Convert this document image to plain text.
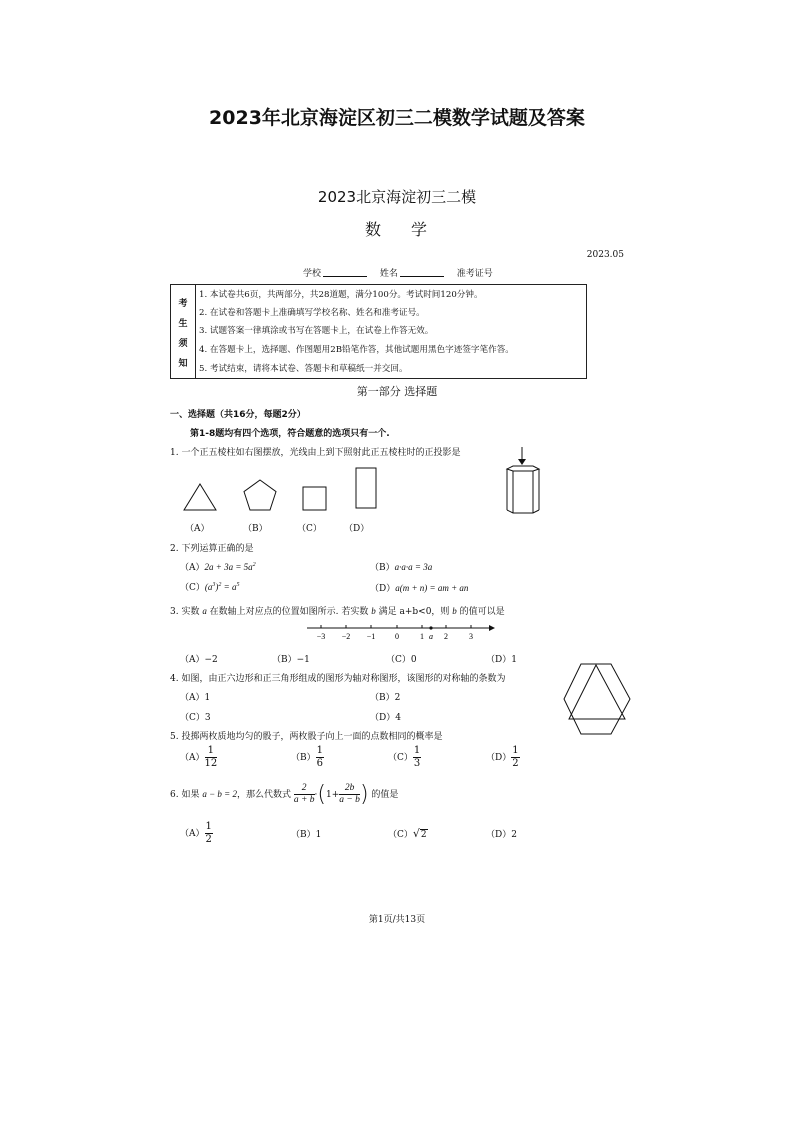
2023年北京海淀区初三二模数学试题及答案
2023北京海淀初三二模
数 学
2023.05
学校	姓名	准考证号
考
生
须
知
1. 本试卷共6页，共两部分，共28道题，满分100分。考试时间120分钟。
2. 在试卷和答题卡上准确填写学校名称、姓名和准考证号。
3. 试题答案一律填涂或书写在答题卡上，在试卷上作答无效。
4. 在答题卡上，选择题、作图题用2B铅笔作答，其他试题用黑色字迹签字笔作答。
5. 考试结束，请将本试卷、答题卡和草稿纸一并交回。
第一部分 选择题
一、选择题（共16分，每题2分）
第1-8题均有四个选项，符合题意的选项只有一个.
1. 一个正五棱柱如右图摆放，光线由上到下照射此正五棱柱时的正投影是
（A）	（B）	（C） （D）
2. 下列运算正确的是
$(A)2a + 3a = 5a^2$	（B）a·a·a = 3a
$(C)(a^3)^2 = a^5$	（D）a(m + n) = am + an
3. 实数 a 在数轴上对应点的位置如图所示. 若实数 b 满足 a+b<0，则 b 的值可以是
−3 −2 −1 0	1	2	3
a
（A）−2	（B）−1	（C）0	（D）1
4. 如图，由正六边形和正三角形组成的图形为轴对称图形，该图形的对称轴的条数为
（A）1	（B）2
（C）3	（D）4
5. 投掷两枚质地均匀的骰子，两枚骰子向上一面的点数相同的概率是
$(A) \frac{1}{12}$	$(B) \frac{1}{6}$	$(C) \frac{1}{3}$	$(D) \frac{1}{2}$
6. 如果 a − b = 2，那么代数式 $\frac{2}{a + b} \cdot(1+ \frac{2b}{a - b}$ ) 的值是
$(A) \frac{1}{2}$	（B）1	（C）√2	（D）2
第1页/共13页
